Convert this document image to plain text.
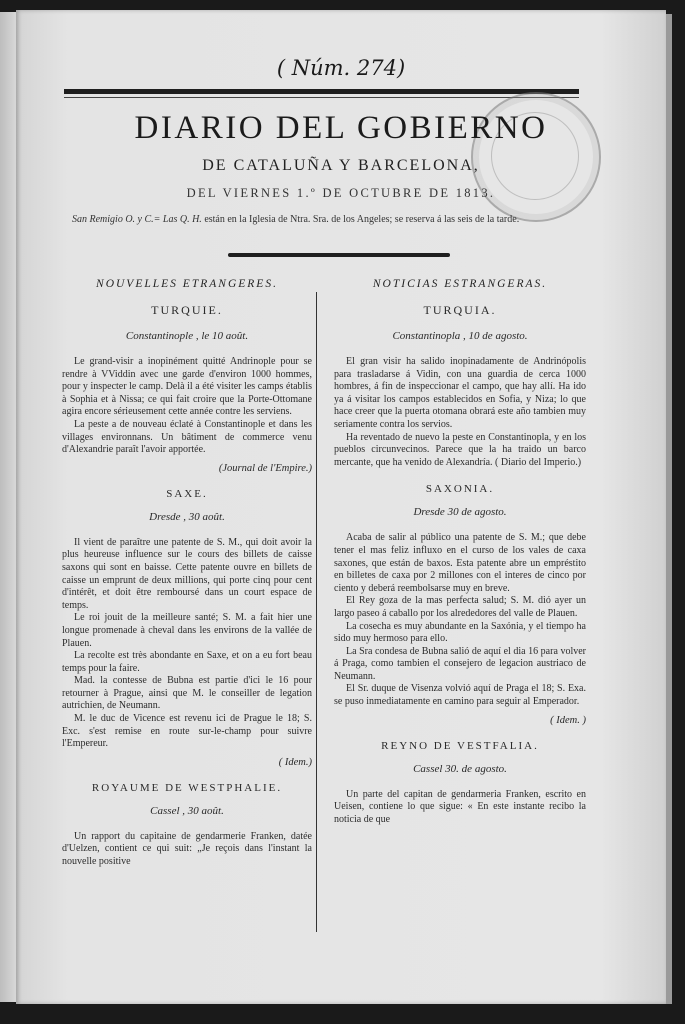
( Núm. 274)
DIARIO DEL GOBIERNO
DE CATALUÑA Y BARCELONA,
DEL VIERNES 1.º DE OCTUBRE DE 1813.
San Remigio O. y C.= Las Q. H. están en la Iglesia de Ntra. Sra. de los Angeles; se reserva á las seis de la tarde.
NOUVELLES ETRANGERES.
TURQUIE.
Constantinople , le 10 août.

Le grand-visir a inopinément quitté Andrinople pour se rendre à VViddin avec une garde d'environ 1000 hommes, pour y inspecter le camp. Delà il a été visiter les camps établis à Sophia et à Nissa; ce qui fait croire que la Porte-Ottomane agira encore sérieusement cette année contre les serviens.

La peste a de nouveau éclaté à Constantinople et dans les villages environnans. Un bâtiment de commerce venu d'Alexandrie paraît l'avoir apportée.

(Journal de l'Empire.)
SAXE.
Dresde , 30 août.

Il vient de paraître une patente de S. M., qui doit avoir la plus heureuse influence sur le cours des billets de caisse saxons qui sont en baisse. Cette patente ouvre en billets de caisse un emprunt de deux millions, qui porte cinq pour cent d'intérêt, et doit être remboursé dans un court espace de temps.

Le roi jouit de la meilleure santé; S. M. a fait hier une longue promenade à cheval dans les environs de la vallée de Plauen.

La recolte est très abondante en Saxe, et on a eu fort beau temps pour la faire.

Mad. la contesse de Bubna est partie d'ici le 16 pour retourner à Prague, ainsi que M. le conseiller de legation autrichien, de Neumann.

M. le duc de Vicence est revenu ici de Prague le 18; S. Exc. s'est remise en route sur-le-champ pour suivre l'Empereur.

( Idem.)
ROYAUME DE WESTPHALIE.
Cassel , 30 août.

Un rapport du capitaine de gendarmerie Franken, datée d'Uelzen, contient ce qui suit: „Je reçois dans l'instant la nouvelle positive

NOTICIAS ESTRANGERAS.
TURQUIA.
Constantinopla , 10 de agosto.

El gran visir ha salido inopinadamente de Andrinópolis para trasladarse á Vidin, con una guardia de cerca 1000 hombres, á fin de inspeccionar el campo, que hay allí. Ha ido ya á visitar los campos establecidos en Sofia, y Niza; lo que hace creer que la puerta otomana obrará este año tambien muy seriamente contra los servios.

Ha reventado de nuevo la peste en Constantinopla, y en los pueblos circunvecinos. Parece que la ha traido un barco mercante, que ha venido de Alexandría. ( Diario del Imperio.)

SAXONIA.
Dresde 30 de agosto.

Acaba de salir al público una patente de S. M.; que debe tener el mas feliz influxo en el curso de los vales de caxa saxones, que están de baxos. Esta patente abre un empréstito en billetes de caxa por 2 millones con el interes de cinco por ciento y deberá reembolsarse muy en breve.

El Rey goza de la mas perfecta salud; S. M. dió ayer un largo paseo á caballo por los alrededores del valle de Plauen.

La cosecha es muy abundante en la Saxónia, y el tiempo ha sido muy hermoso para ello.

La Sra condesa de Bubna salió de aquí el dia 16 para volver á Praga, como tambien el consejero de legacion austriaco de Neumann.

El Sr. duque de Visenza volvió aquí de Praga el 18; S. Exa. se puso inmediatamente en camino para seguir al Emperador.

( Idem. )
REYNO DE VESTFALIA.
Cassel 30. de agosto.

Un parte del capitan de gendarmeria Franken, escrito en Ueisen, contiene lo que sigue: « En este instante recibo la noticia de que
